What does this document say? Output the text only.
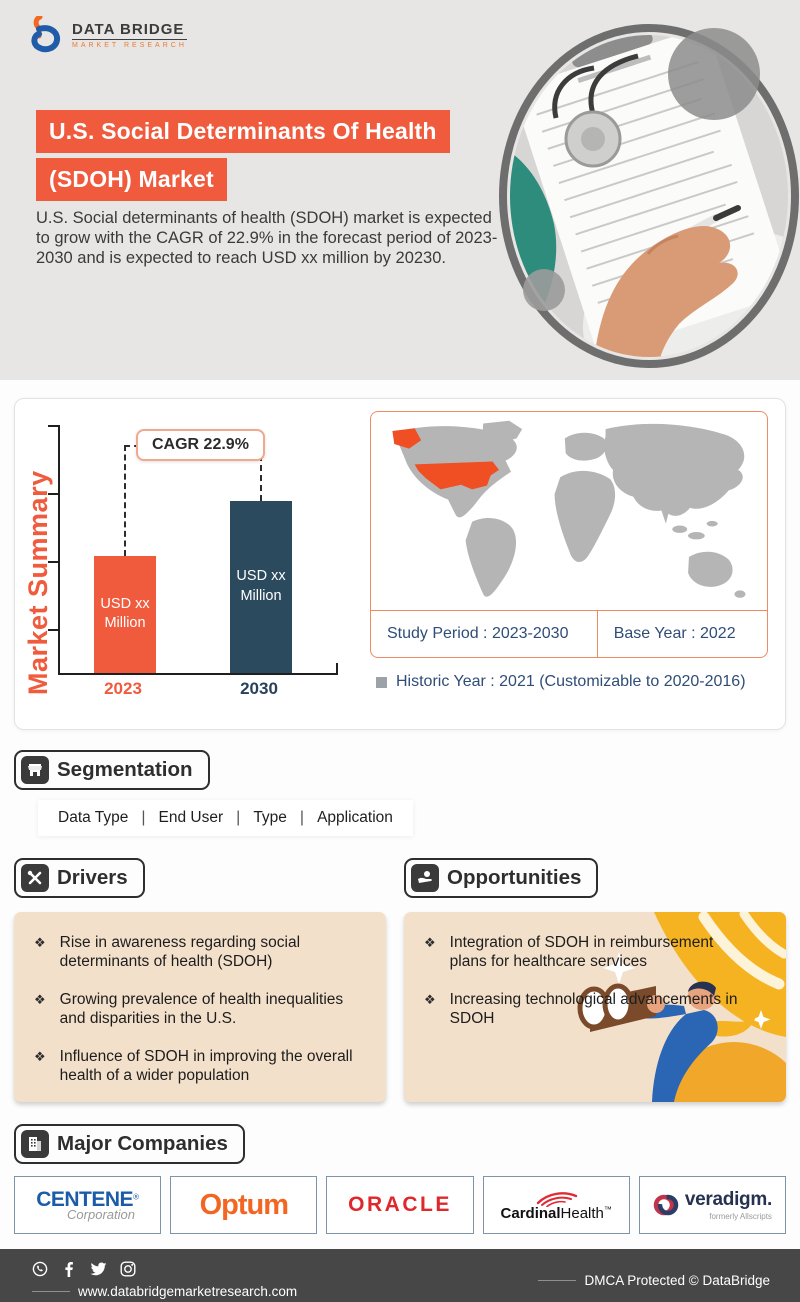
DATA BRIDGE
MARKET RESEARCH
U.S. Social Determinants Of Health
(SDOH) Market

U.S. Social determinants of health (SDOH) market is expected to grow with the CAGR of 22.9% in the forecast period of 2023-2030 and is expected to reach USD xx million by 20230.

Market Summary
CAGR 22.9%
USD xx Million
USD xx Million
2023	2030
Study Period : 2023-2030	Base Year : 2022
Historic Year : 2021 (Customizable to 2020-2016)
Segmentation
Data Type | End User | Type | Application
Drivers
❖ Rise in awareness regarding social determinants of health (SDOH)
❖ Growing prevalence of health inequalities and disparities in the U.S.
❖ Influence of SDOH in improving the overall health of a wider population
Opportunities
❖ Integration of SDOH in reimbursement plans for healthcare services
❖ Increasing technological advancements in SDOH
Major Companies
CENTENE®
Corporation Optum	ORACLE	CardinalHealth™	veradigm.
formerly Allscripts
www.databridgemarketresearch.com
DMCA Protected © DataBridge
